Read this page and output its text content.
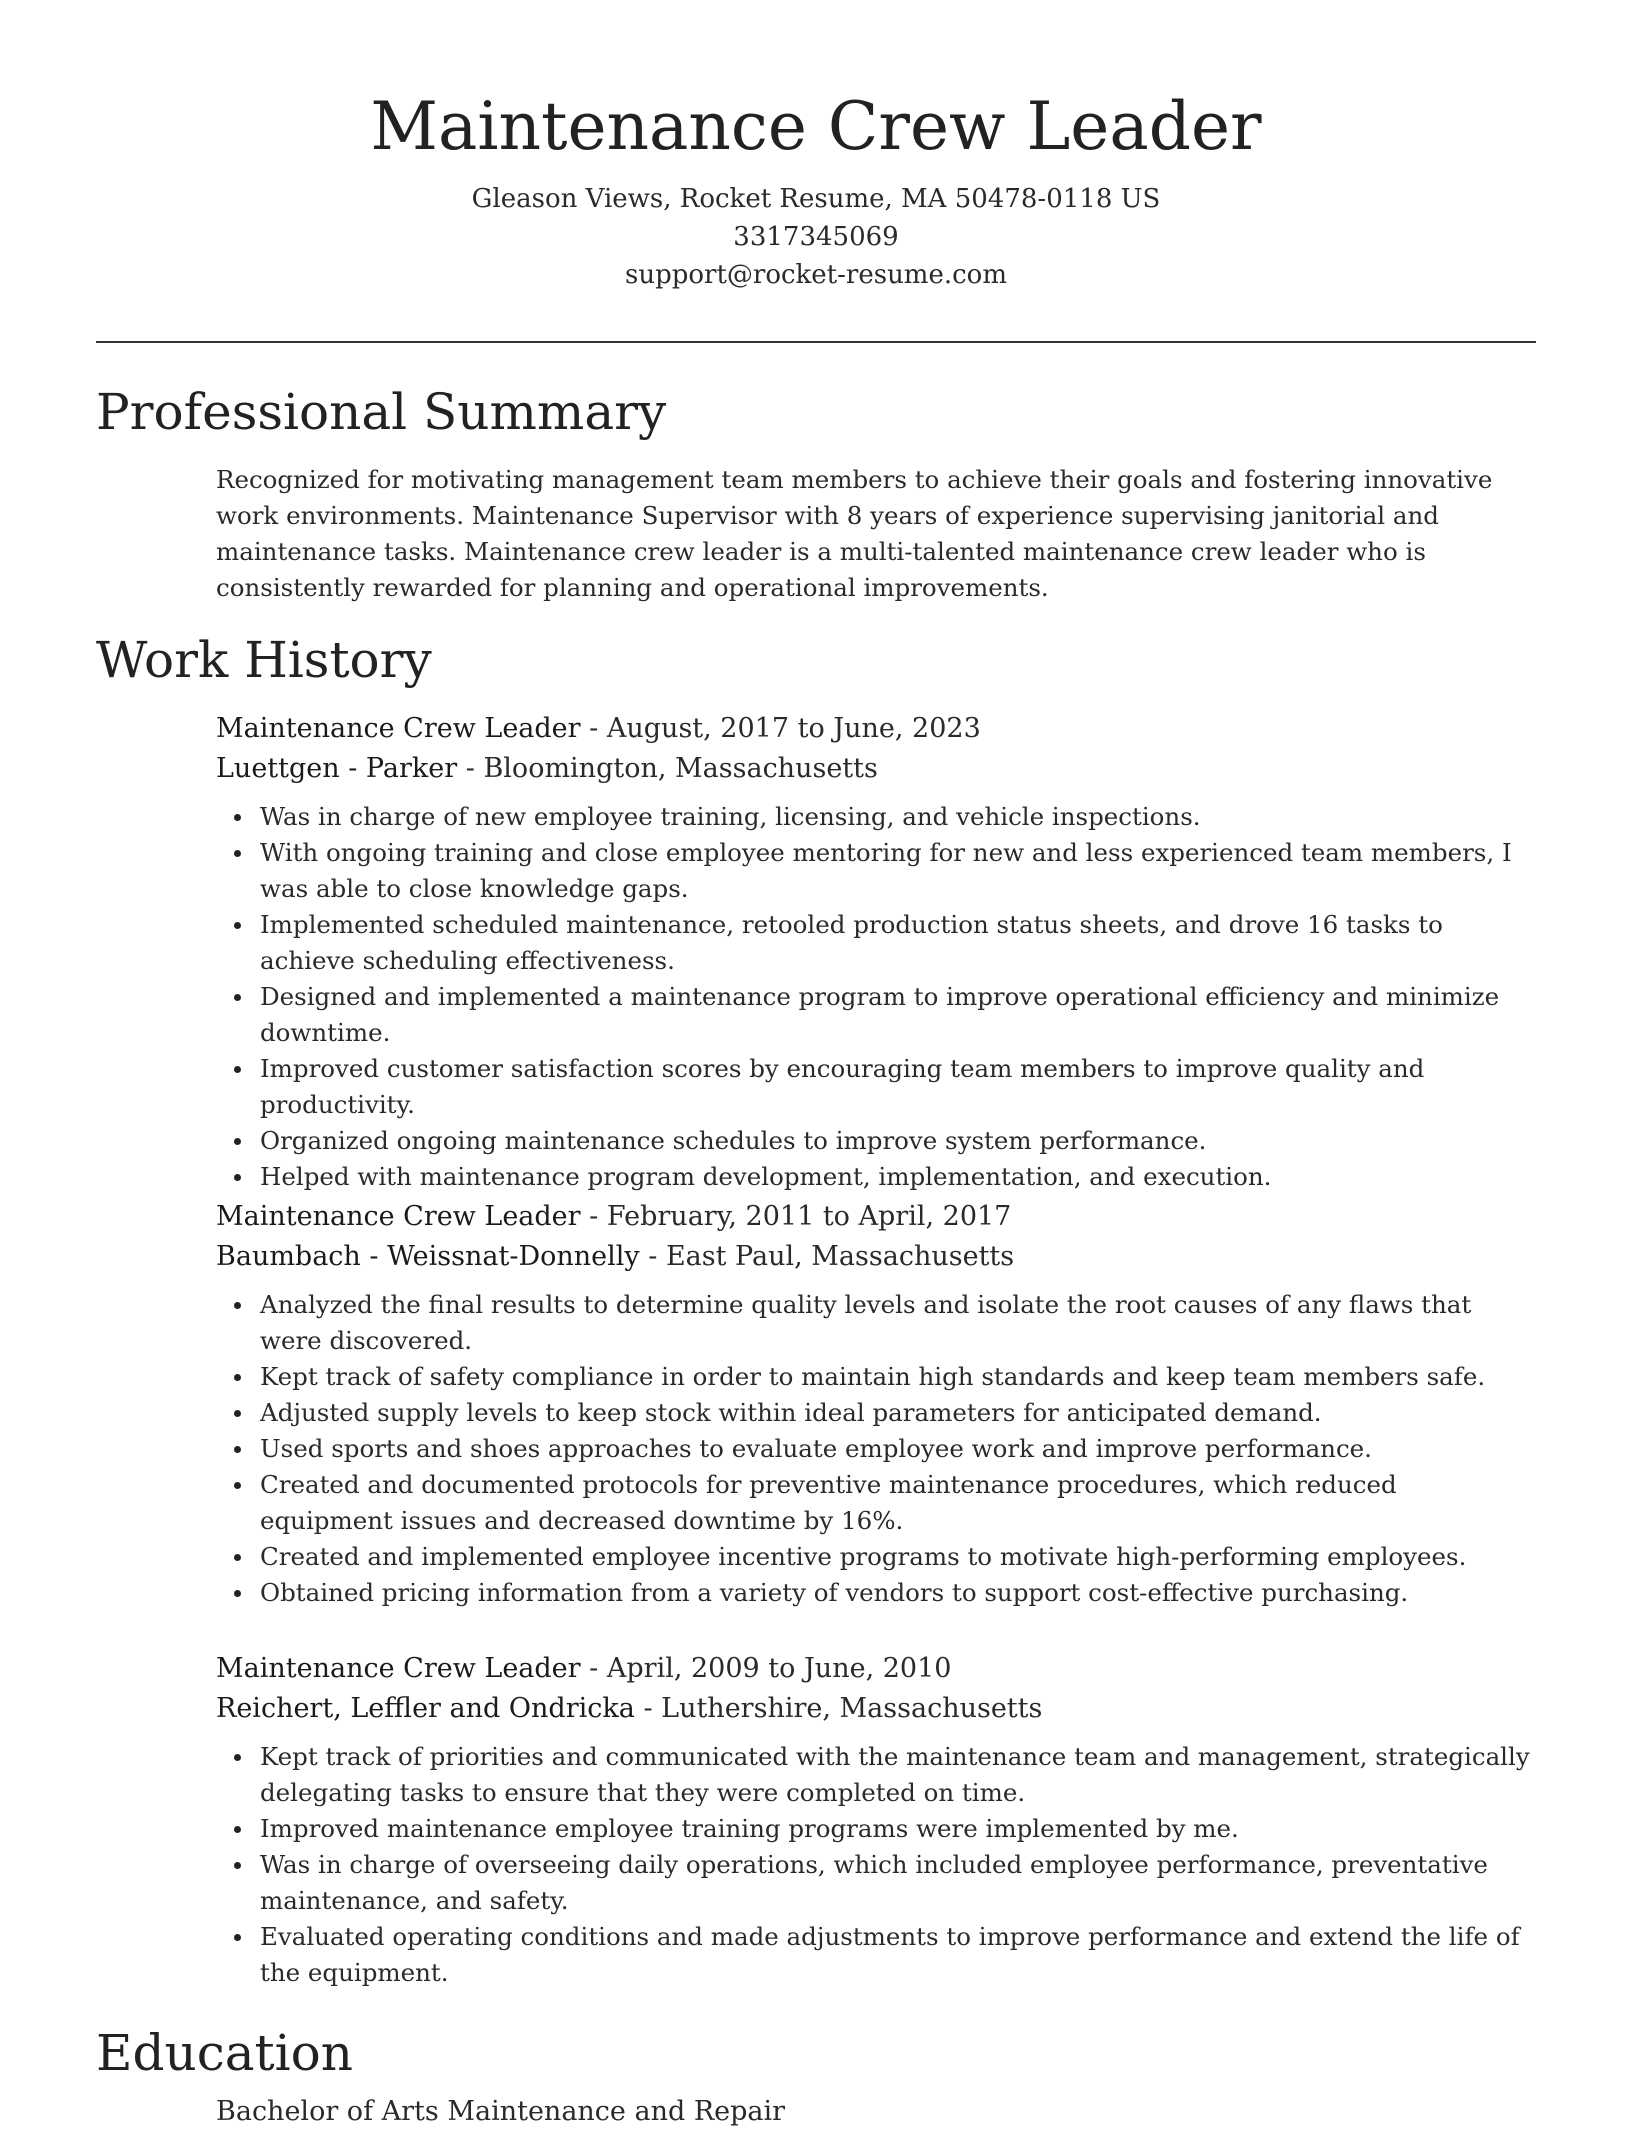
Maintenance Crew Leader
Gleason Views, Rocket Resume, MA 50478-0118 US
3317345069
support@rocket-resume.com
Professional Summary

Recognized for motivating management team members to achieve their goals and fostering innovative work environments. Maintenance Supervisor with 8 years of experience supervising janitorial and maintenance tasks. Maintenance crew leader is a multi-talented maintenance crew leader who is consistently rewarded for planning and operational improvements.

Work History
Maintenance Crew Leader - August, 2017 to June, 2023
Luettgen - Parker - Bloomington, Massachusetts
Was in charge of new employee training, licensing, and vehicle inspections.
With ongoing training and close employee mentoring for new and less experienced team members, I was able to close knowledge gaps.
Implemented scheduled maintenance, retooled production status sheets, and drove 16 tasks to achieve scheduling effectiveness.
Designed and implemented a maintenance program to improve operational efficiency and minimize downtime.
Improved customer satisfaction scores by encouraging team members to improve quality and productivity.
Organized ongoing maintenance schedules to improve system performance.
Helped with maintenance program development, implementation, and execution.
Maintenance Crew Leader - February, 2011 to April, 2017
Baumbach - Weissnat-Donnelly - East Paul, Massachusetts
Analyzed the final results to determine quality levels and isolate the root causes of any flaws that were discovered.
Kept track of safety compliance in order to maintain high standards and keep team members safe.
Adjusted supply levels to keep stock within ideal parameters for anticipated demand.
Used sports and shoes approaches to evaluate employee work and improve performance.
Created and documented protocols for preventive maintenance procedures, which reduced equipment issues and decreased downtime by 16%.
Created and implemented employee incentive programs to motivate high-performing employees.
Obtained pricing information from a variety of vendors to support cost-effective purchasing.
Maintenance Crew Leader - April, 2009 to June, 2010
Reichert, Leffler and Ondricka - Luthershire, Massachusetts
Kept track of priorities and communicated with the maintenance team and management, strategically delegating tasks to ensure that they were completed on time.
Improved maintenance employee training programs were implemented by me.
Was in charge of overseeing daily operations, which included employee performance, preventative maintenance, and safety.
Evaluated operating conditions and made adjustments to improve performance and extend the life of the equipment.
Education
Bachelor of Arts Maintenance and Repair
